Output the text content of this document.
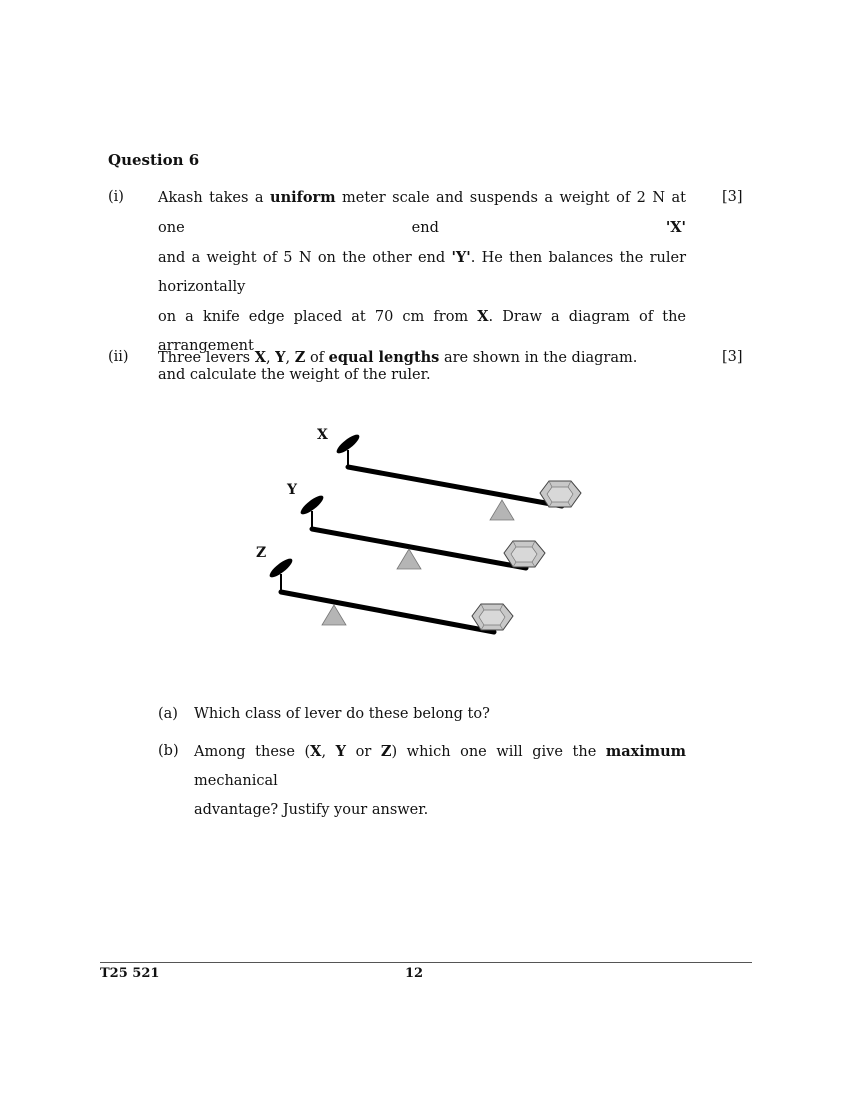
Question 6
(i)	[3]
Akash takes a uniform meter scale and suspends a weight of 2 N at one end 'X'
and a weight of 5 N on the other end 'Y'. He then balances the ruler horizontally
on a knife edge placed at 70 cm from X. Draw a diagram of the arrangement
and calculate the weight of the ruler.
(ii)	[3]
Three levers X, Y, Z of equal lengths are shown in the diagram.
X
Y
Z
(a) Which class of lever do these belong to?
(b) Among these (X, Y or Z) which one will give the maximum mechanical
advantage? Justify your answer.
T25 521	12
